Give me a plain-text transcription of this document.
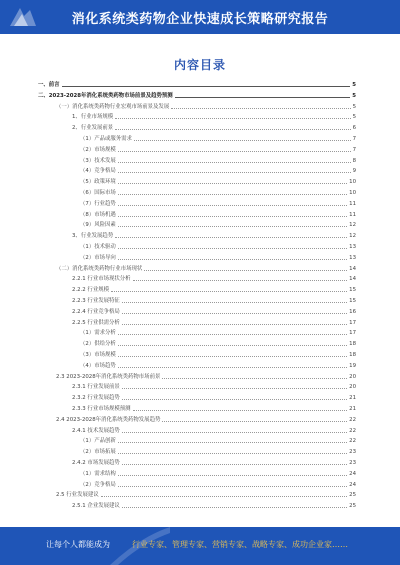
消化系统类药物企业快速成长策略研究报告
内容目录
一、前言	5
二、2023-2028年消化系统类药物市场前景及趋势预测	5
（一）消化系统类药物行业宏观市场前景及发展	5
1、行业市场规模	5
2、行业发展前景	6
（1）产品或服务需求	7
（2）市场规模	7
（3）技术发展	8
（4）竞争格局	9
（5）政策环境	10
（6）国际市场	10
（7）行业趋势	11
（8）市场机遇	11
（9）风险因素	12
3、行业发展趋势	12
（1）技术驱动	13
（2）市场导向	13
（二）消化系统类药物行业市场现状	14
2.2.1 行业市场现状分析	14
2.2.2 行业规模	15
2.2.3 行业发展特征	15
2.2.4 行业竞争格局	16
2.2.5 行业供需分析	17
（1）需求分析	17
（2）供给分析	18
（3）市场规模	18
（4）市场趋势	19
2.3 2023-2028年消化系统类药物市场前景	20
2.3.1 行业发展前景	20
2.3.2 行业发展趋势	21
2.3.3 行业市场规模预测	21
2.4 2023-2028年消化系统类药物发展趋势	22
2.4.1 技术发展趋势	22
（1）产品创新	22
（2）市场拓展	23
2.4.2 市场发展趋势	23
（1）需求结构	24
（2）竞争格局	24
2.5 行业发展建议	25
2.5.1 企业发展建议	25
让每个人都能成为	行业专家、管理专家、营销专家、战略专家、成功企业家……
